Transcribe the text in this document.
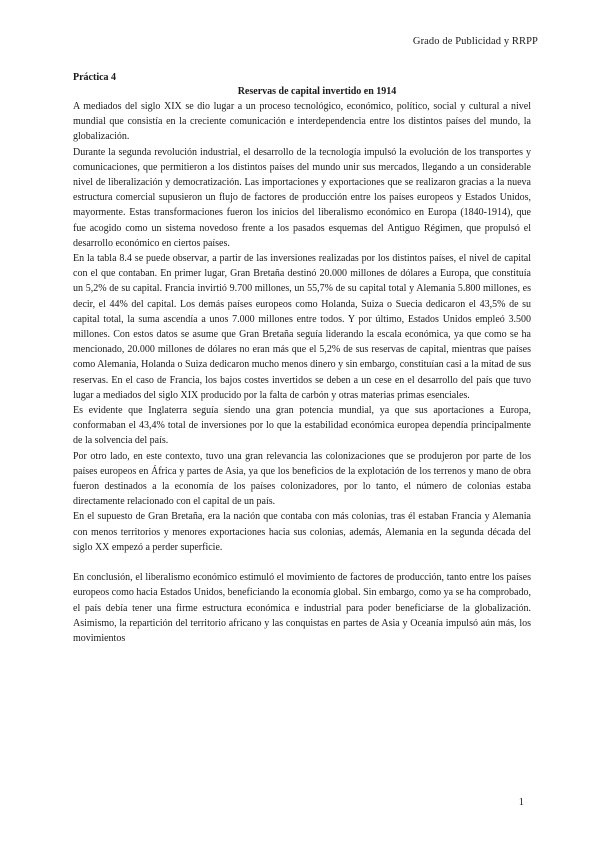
Grado de Publicidad y RRPP

Práctica 4

Reservas de capital invertido en 1914

A mediados del siglo XIX se dio lugar a un proceso tecnológico, económico, político, social y cultural a nivel mundial que consistía en la creciente comunicación e interdependencia entre los distintos países del mundo, la globalización.

Durante la segunda revolución industrial, el desarrollo de la tecnología impulsó la evolución de los transportes y comunicaciones, que permitieron a los distintos países del mundo unir sus mercados, llegando a un considerable nivel de liberalización y democratización. Las importaciones y exportaciones que se realizaron gracias a la nueva estructura comercial supusieron un flujo de factores de producción entre los países europeos y Estados Unidos, mayormente. Estas transformaciones fueron los inicios del liberalismo económico en Europa (1840-1914), que fue acogido como un sistema novedoso frente a los pasados esquemas del Antiguo Régimen, que propulsó el desarrollo económico en ciertos países.

En la tabla 8.4 se puede observar, a partir de las inversiones realizadas por los distintos países, el nivel de capital con el que contaban. En primer lugar, Gran Bretaña destinó 20.000 millones de dólares a Europa, que constituía un 5,2% de su capital. Francia invirtió 9.700 millones, un 55,7% de su capital total y Alemania 5.800 millones, es decir, el 44% del capital. Los demás países europeos como Holanda, Suiza o Suecia dedicaron el 43,5% de su capital total, la suma ascendía a unos 7.000 millones entre todos. Y por último, Estados Unidos empleó 3.500 millones. Con estos datos se asume que Gran Bretaña seguía liderando la escala económica, ya que como se ha mencionado, 20.000 millones de dólares no eran más que el 5,2% de sus reservas de capital, mientras que países como Alemania, Holanda o Suiza dedicaron mucho menos dinero y sin embargo, constituían casi a la mitad de sus reservas. En el caso de Francia, los bajos costes invertidos se deben a un cese en el desarrollo del país que tuvo lugar a mediados del siglo XIX producido por la falta de carbón y otras materias primas esenciales.

Es evidente que Inglaterra seguía siendo una gran potencia mundial, ya que sus aportaciones a Europa, conformaban el 43,4% total de inversiones por lo que la estabilidad económica europea dependía principalmente de la solvencia del país.

Por otro lado, en este contexto, tuvo una gran relevancia las colonizaciones que se produjeron por parte de los países europeos en África y partes de Asia, ya que los beneficios de la explotación de los terrenos y mano de obra fueron destinados a la economía de los países colonizadores, por lo tanto, el número de colonias estaba directamente relacionado con el capital de un país.

En el supuesto de Gran Bretaña, era la nación que contaba con más colonias, tras él estaban Francia y Alemania con menos territorios y menores exportaciones hacia sus colonias, además, Alemania en la segunda década del siglo XX empezó a perder superficie.

En conclusión, el liberalismo económico estimuló el movimiento de factores de producción, tanto entre los países europeos como hacia Estados Unidos, beneficiando la economía global. Sin embargo, como ya se ha comprobado, el país debía tener una firme estructura económica e industrial para poder beneficiarse de la globalización. Asimismo, la repartición del territorio africano y las conquistas en partes de Asia y Oceanía impulsó aún más, los movimientos

1
